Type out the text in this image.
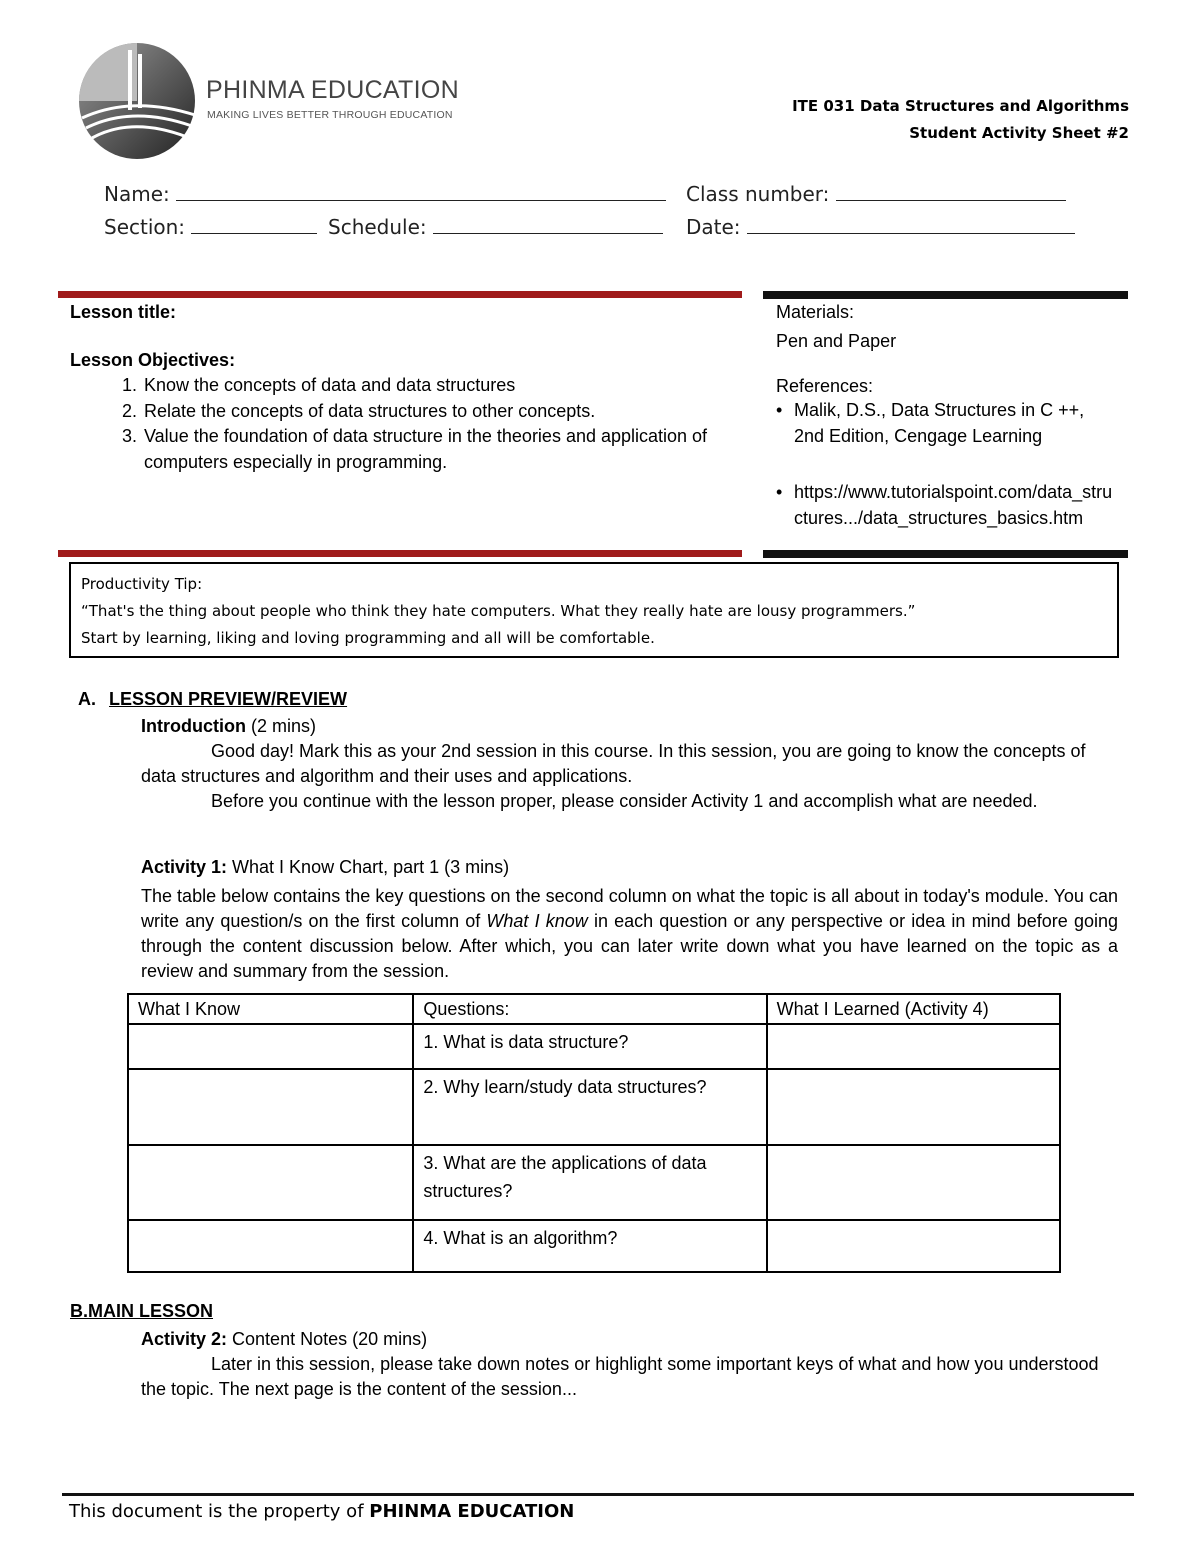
PHINMA EDUCATION
MAKING LIVES BETTER THROUGH EDUCATION	ITE 031 Data Structures and Algorithms
Student Activity Sheet #2
Name:	Class number:
Section:	Schedule:	Date:
Lesson title:
Lesson Objectives:
1. Know the concepts of data and data structures
2. Relate the concepts of data structures to other concepts.
3. Value the foundation of data structure in the theories and application of computers especially in programming.
Materials:
Pen and Paper
References:
• Malik, D.S., Data Structures in C ++, 2nd Edition, Cengage Learning
• https://www.tutorialspoint.com/data_structures.../data_structures_basics.htm
Productivity Tip:
“That's the thing about people who think they hate computers. What they really hate are lousy programmers.”
Start by learning, liking and loving programming and all will be comfortable.
A. LESSON PREVIEW/REVIEW
Introduction (2 mins)
Good day! Mark this as your 2nd session in this course. In this session, you are going to know the concepts of data structures and algorithm and their uses and applications.
Before you continue with the lesson proper, please consider Activity 1 and accomplish what are needed.
Activity 1: What I Know Chart, part 1 (3 mins)
The table below contains the key questions on the second column on what the topic is all about in today's module. You can write any question/s on the first column of What I know in each question or any perspective or idea in mind before going through the content discussion below. After which, you can later write down what you have learned on the topic as a review and summary from the session.
What I Know	Questions:	What I Learned (Activity 4)
	1. What is data structure?	
	2. Why learn/study data structures?	
	3. What are the applications of data structures?	
	4. What is an algorithm?	
B.MAIN LESSON
Activity 2: Content Notes (20 mins)
Later in this session, please take down notes or highlight some important keys of what and how you understood the topic. The next page is the content of the session...
This document is the property of PHINMA EDUCATION
